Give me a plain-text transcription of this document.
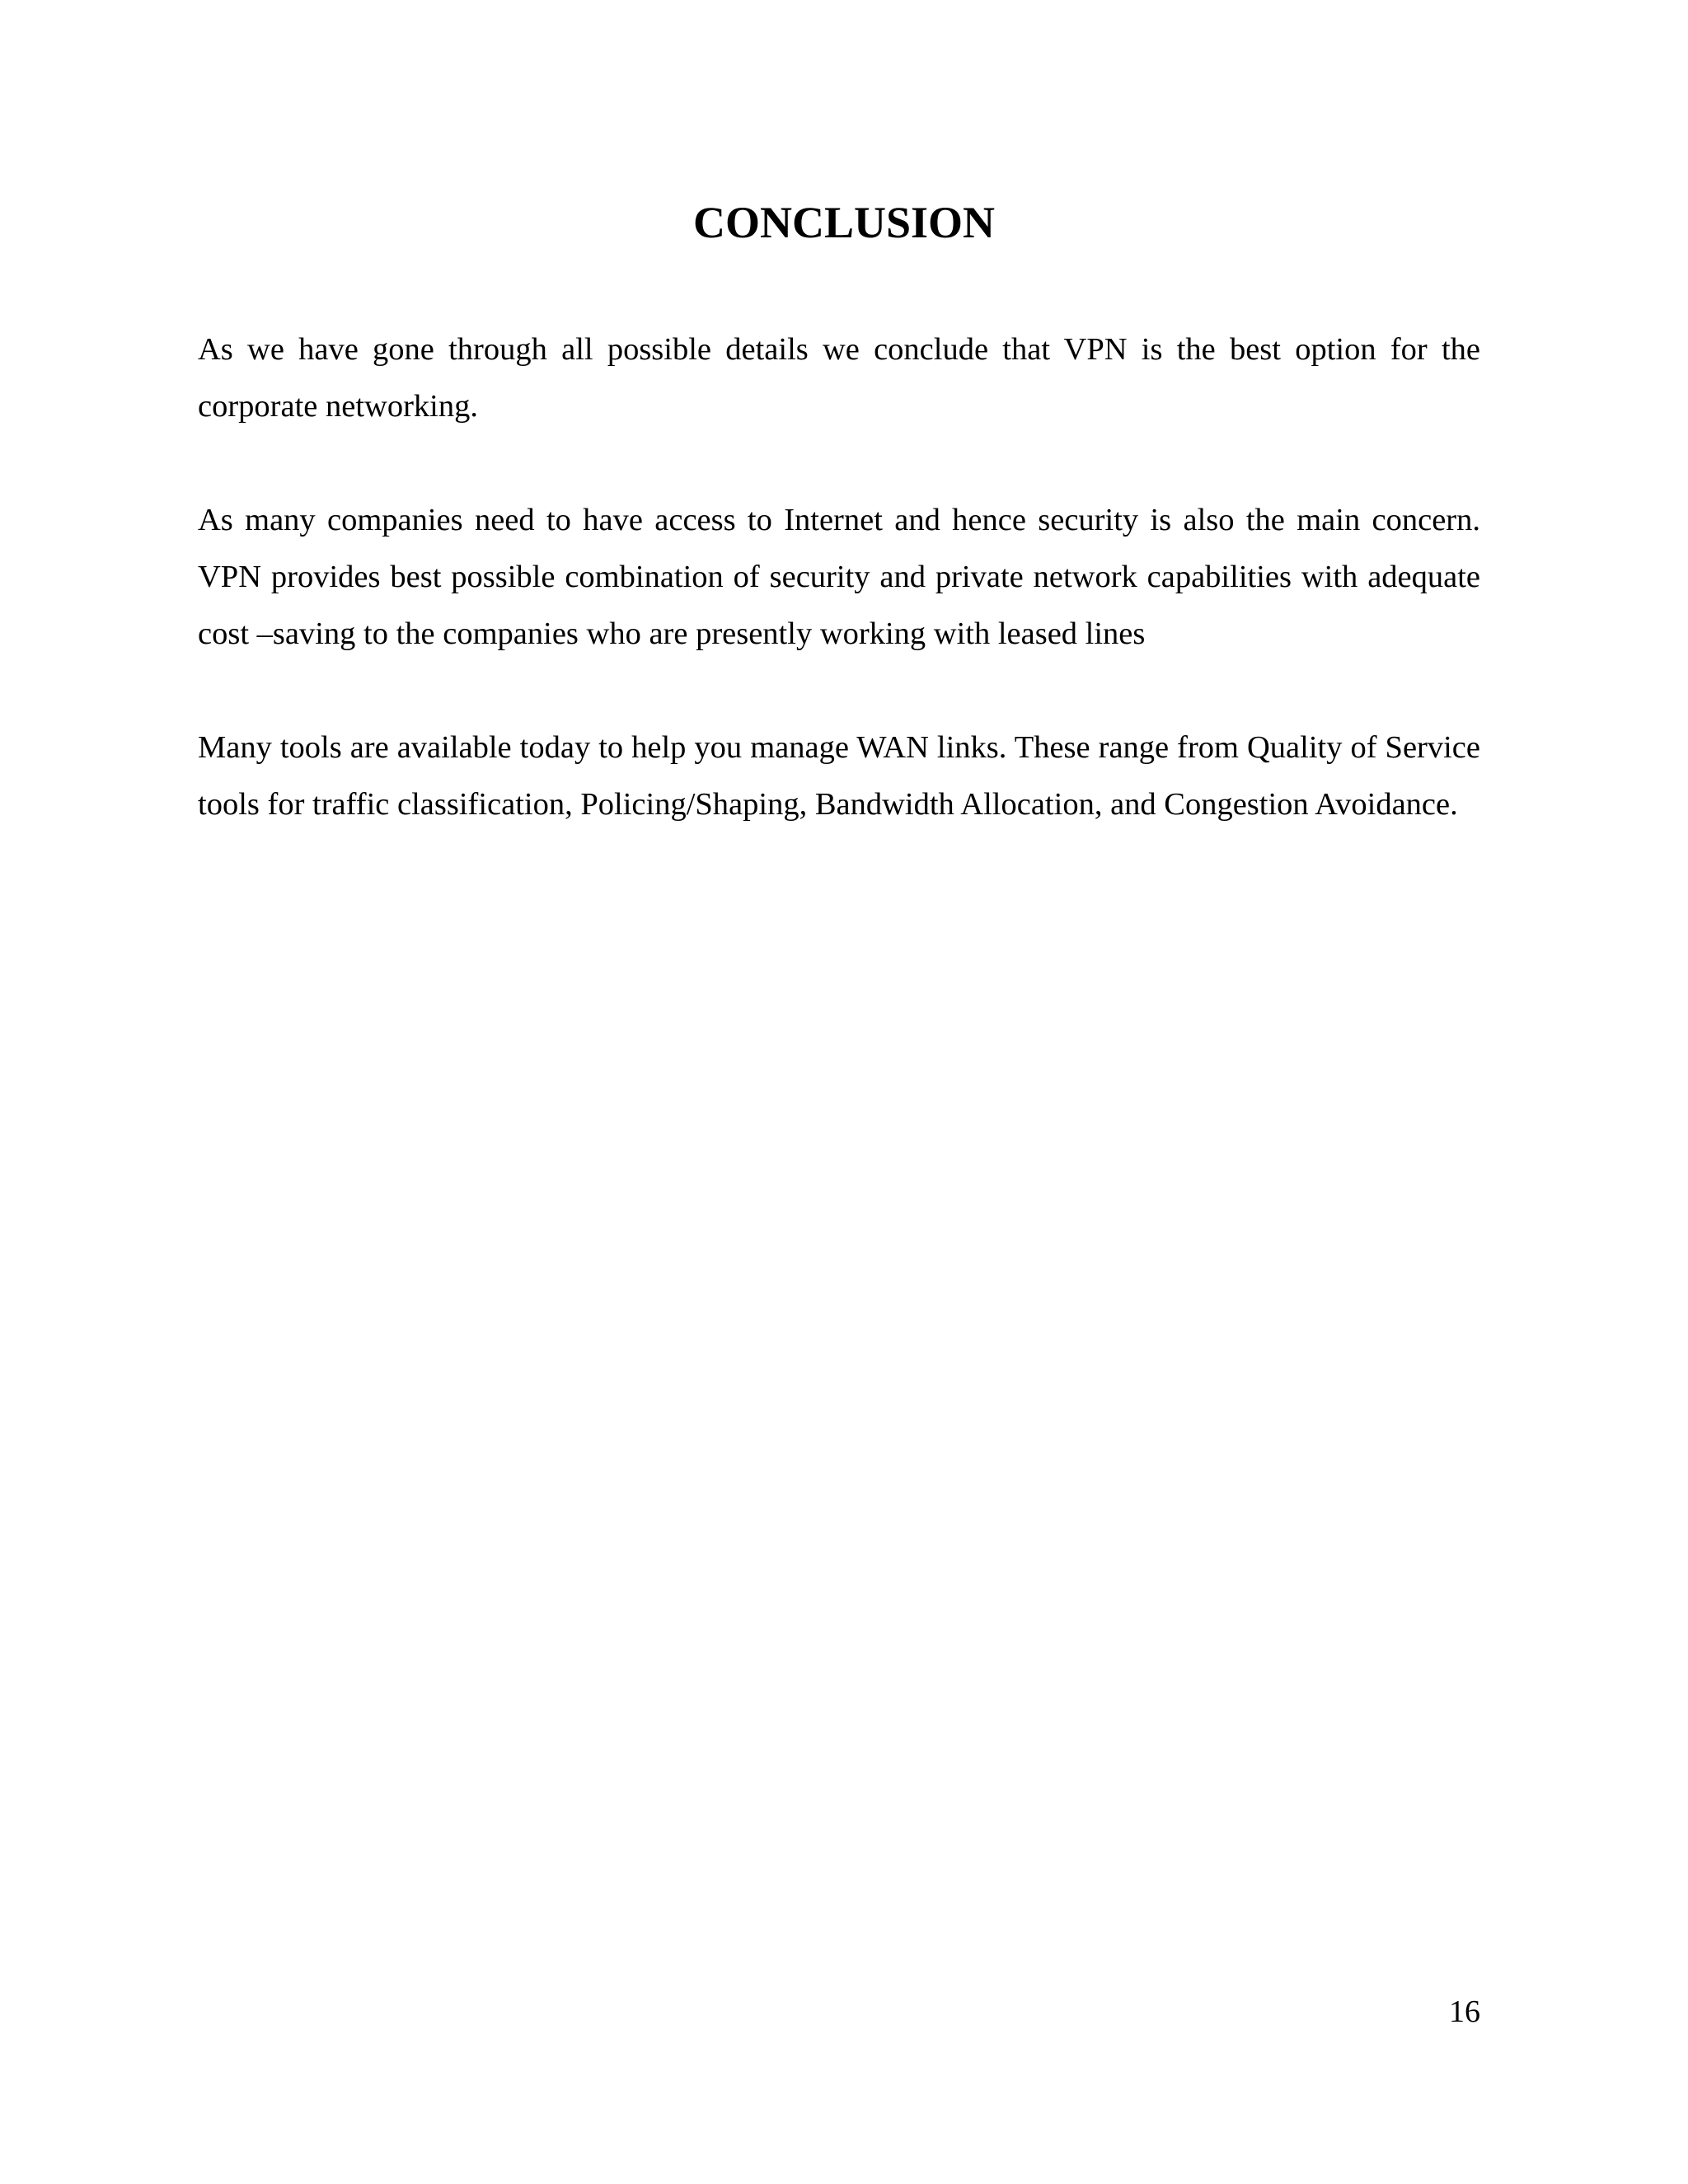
CONCLUSION

As we have gone through all possible details we conclude that VPN is the best option for the corporate networking.

As many companies need to have access to Internet and hence security is also the main concern. VPN provides best possible combination of security and private network capabilities with adequate cost –saving to the companies who are presently working with leased lines

Many tools are available today to help you manage WAN links. These range from Quality of Service tools for traffic classification, Policing/Shaping, Bandwidth Allocation, and Congestion Avoidance.

16
